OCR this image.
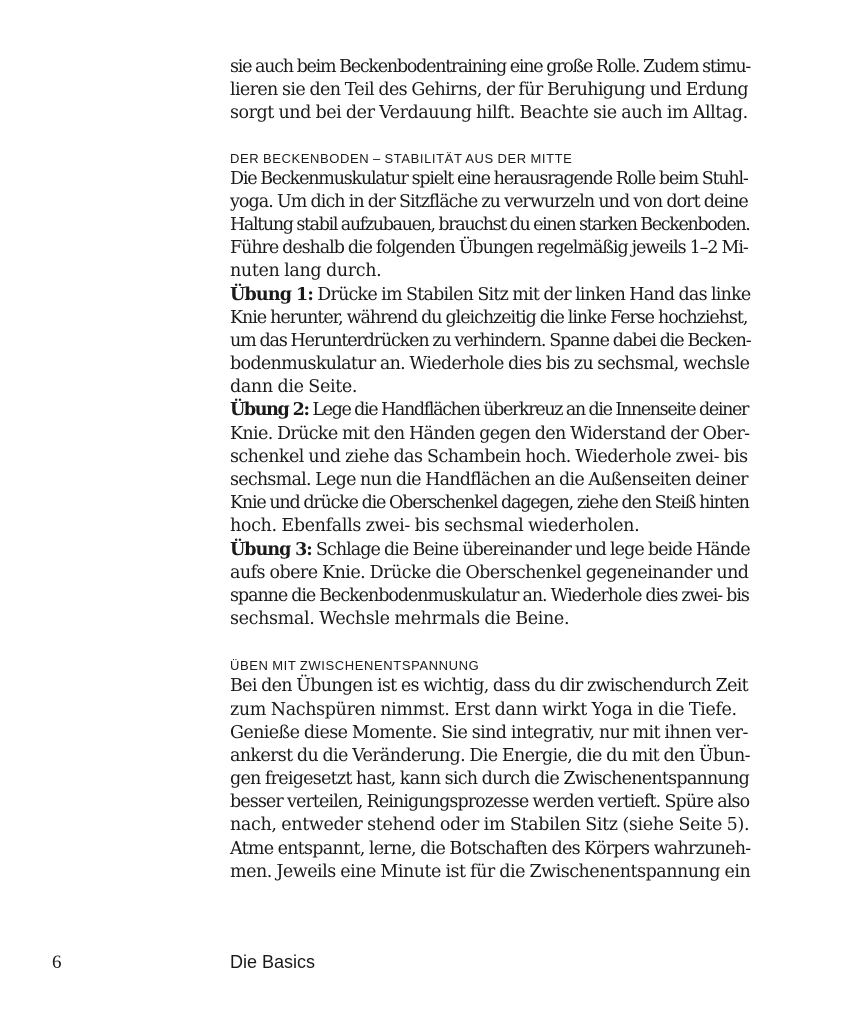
sie auch beim Beckenbodentraining eine große Rolle. Zudem stimu-
lieren sie den Teil des Gehirns, der für Beruhigung und Erdung
sorgt und bei der Verdauung hilft. Beachte sie auch im Alltag.
DER BECKENBODEN – STABILITÄT AUS DER MITTE
Die Beckenmuskulatur spielt eine herausragende Rolle beim Stuhl-
yoga. Um dich in der Sitzfläche zu verwurzeln und von dort deine
Haltung stabil aufzubauen, brauchst du einen starken Beckenboden.
Führe deshalb die folgenden Übungen regelmäßig jeweils 1–2 Mi-
nuten lang durch.
Übung 1: Drücke im Stabilen Sitz mit der linken Hand das linke
Knie herunter, während du gleichzeitig die linke Ferse hochziehst,
um das Herunterdrücken zu verhindern. Spanne dabei die Becken-
bodenmuskulatur an. Wiederhole dies bis zu sechsmal, wechsle
dann die Seite.
Übung 2: Lege die Handflächen überkreuz an die Innenseite deiner
Knie. Drücke mit den Händen gegen den Widerstand der Ober-
schenkel und ziehe das Schambein hoch. Wiederhole zwei- bis
sechsmal. Lege nun die Handflächen an die Außenseiten deiner
Knie und drücke die Oberschenkel dagegen, ziehe den Steiß hinten
hoch. Ebenfalls zwei- bis sechsmal wiederholen.
Übung 3: Schlage die Beine übereinander und lege beide Hände
aufs obere Knie. Drücke die Oberschenkel gegeneinander und
spanne die Beckenbodenmuskulatur an. Wiederhole dies zwei- bis
sechsmal. Wechsle mehrmals die Beine.
ÜBEN MIT ZWISCHENENTSPANNUNG
Bei den Übungen ist es wichtig, dass du dir zwischendurch Zeit
zum Nachspüren nimmst. Erst dann wirkt Yoga in die Tiefe.
Genieße diese Momente. Sie sind integrativ, nur mit ihnen ver-
ankerst du die Veränderung. Die Energie, die du mit den Übun-
gen freigesetzt hast, kann sich durch die Zwischenentspannung
besser verteilen, Reinigungsprozesse werden vertieft. Spüre also
nach, entweder stehend oder im Stabilen Sitz (siehe Seite 5).
Atme entspannt, lerne, die Botschaften des Körpers wahrzuneh-
men. Jeweils eine Minute ist für die Zwischenentspannung ein
6	Die Basics
